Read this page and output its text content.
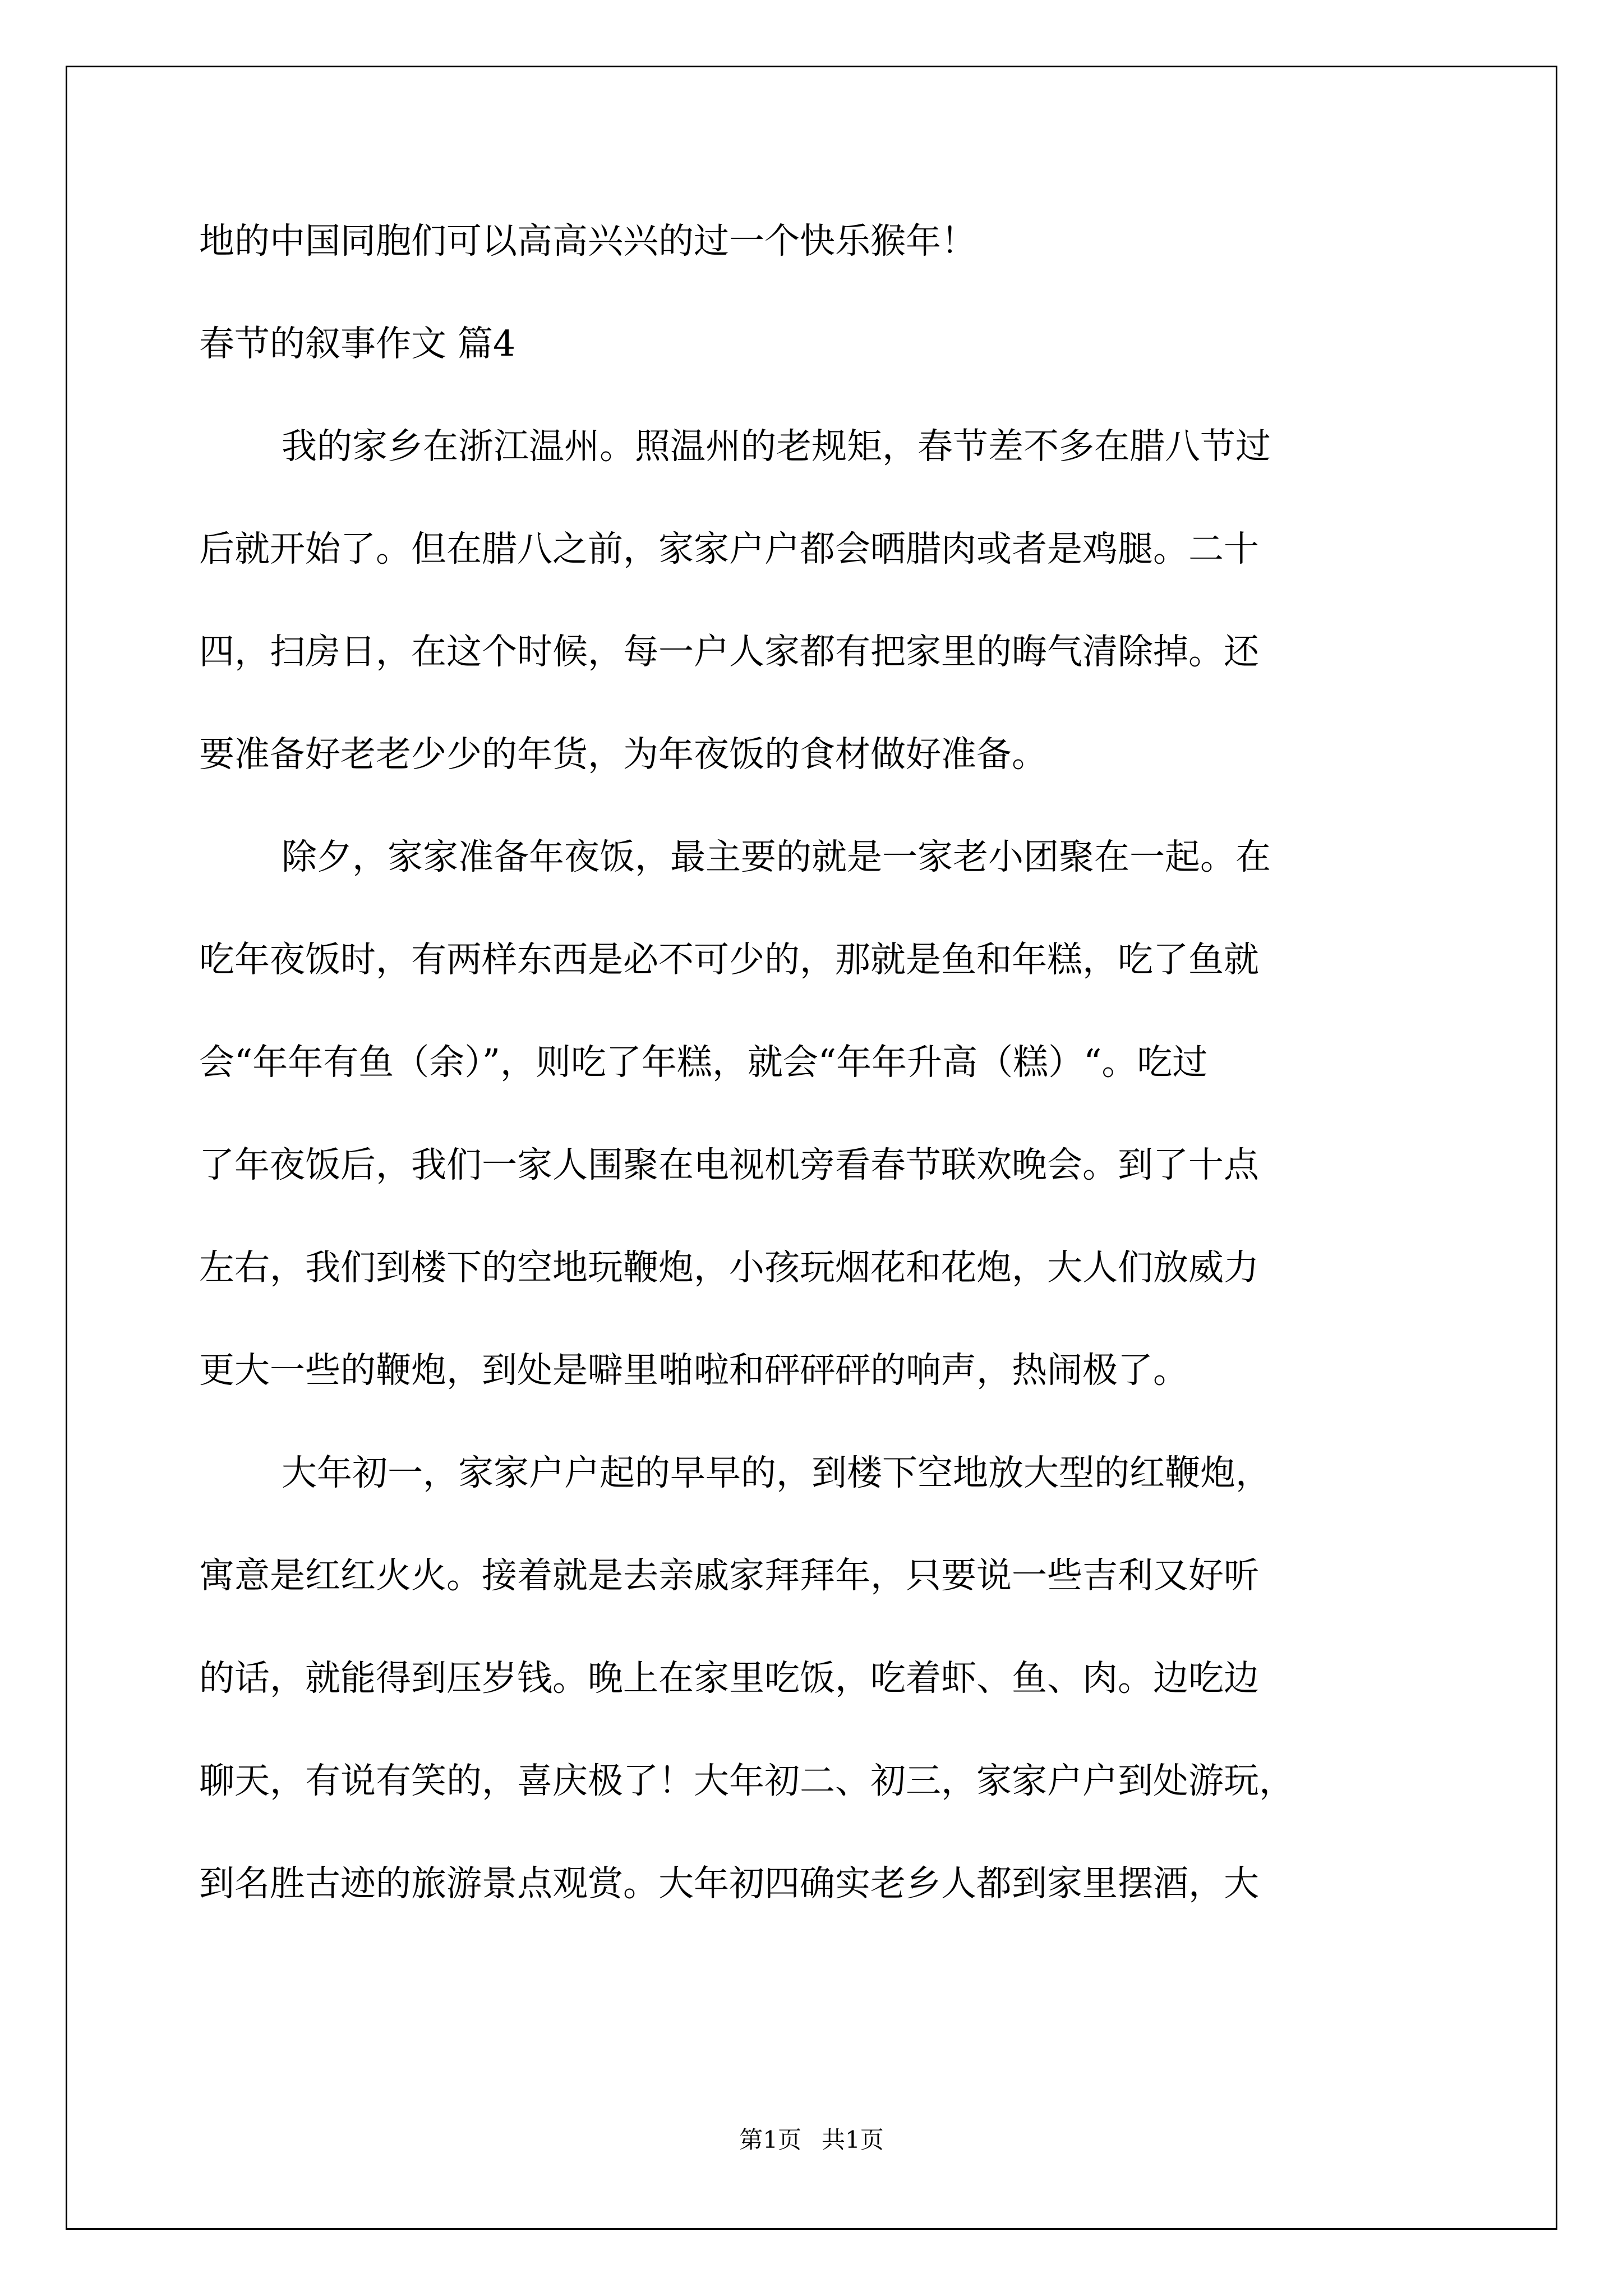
地的中国同胞们可以高高兴兴的过一个快乐猴年！
春节的叙事作文 篇4
我的家乡在浙江温州。照温州的老规矩，春节差不多在腊八节过
后就开始了。但在腊八之前，家家户户都会晒腊肉或者是鸡腿。二十
四，扫房日，在这个时候，每一户人家都有把家里的晦气清除掉。还
要准备好老老少少的年货，为年夜饭的食材做好准备。
除夕，家家准备年夜饭，最主要的就是一家老小团聚在一起。在
吃年夜饭时，有两样东西是必不可少的，那就是鱼和年糕，吃了鱼就
会“年年有鱼（余）”，则吃了年糕，就会“年年升高（糕）“。吃过
了年夜饭后，我们一家人围聚在电视机旁看春节联欢晚会。到了十点
左右，我们到楼下的空地玩鞭炮，小孩玩烟花和花炮，大人们放威力
更大一些的鞭炮，到处是噼里啪啦和砰砰砰的响声，热闹极了。
大年初一，家家户户起的早早的，到楼下空地放大型的红鞭炮，
寓意是红红火火。接着就是去亲戚家拜拜年，只要说一些吉利又好听
的话，就能得到压岁钱。晚上在家里吃饭，吃着虾、鱼、肉。边吃边
聊天，有说有笑的，喜庆极了！大年初二、初三，家家户户到处游玩，
到名胜古迹的旅游景点观赏。大年初四确实老乡人都到家里摆酒，大
第1页 共1页
